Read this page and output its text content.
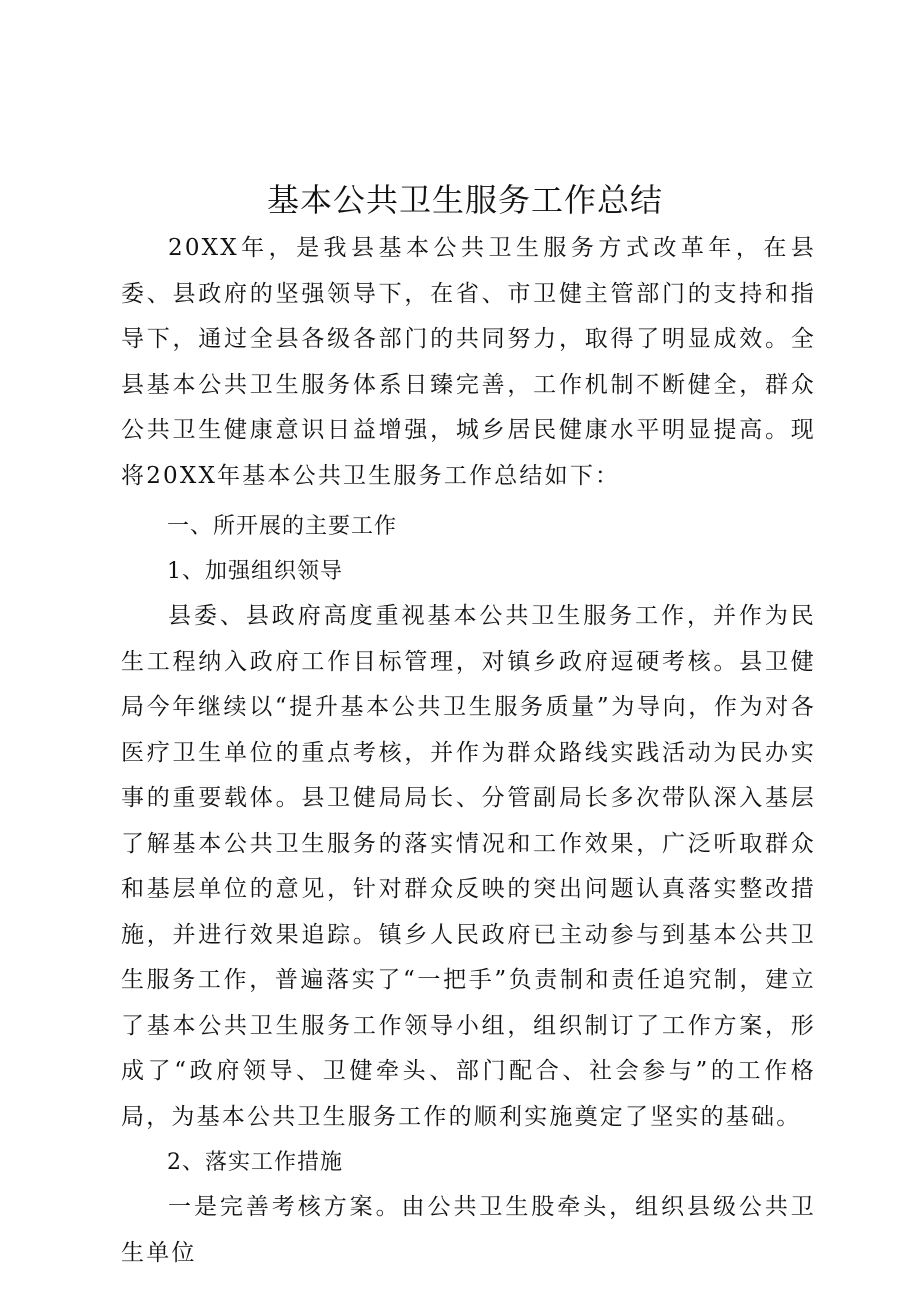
基本公共卫生服务工作总结

20XX年，是我县基本公共卫生服务方式改革年，在县委、县政府的坚强领导下，在省、市卫健主管部门的支持和指导下，通过全县各级各部门的共同努力，取得了明显成效。全县基本公共卫生服务体系日臻完善，工作机制不断健全，群众公共卫生健康意识日益增强，城乡居民健康水平明显提高。现将20XX年基本公共卫生服务工作总结如下：

一、所开展的主要工作

1、加强组织领导

县委、县政府高度重视基本公共卫生服务工作，并作为民生工程纳入政府工作目标管理，对镇乡政府逗硬考核。县卫健局今年继续以“提升基本公共卫生服务质量”为导向，作为对各医疗卫生单位的重点考核，并作为群众路线实践活动为民办实事的重要载体。县卫健局局长、分管副局长多次带队深入基层了解基本公共卫生服务的落实情况和工作效果，广泛听取群众和基层单位的意见，针对群众反映的突出问题认真落实整改措施，并进行效果追踪。镇乡人民政府已主动参与到基本公共卫生服务工作，普遍落实了“一把手”负责制和责任追究制，建立了基本公共卫生服务工作领导小组，组织制订了工作方案，形成了“政府领导、卫健牵头、部门配合、社会参与”的工作格局，为基本公共卫生服务工作的顺利实施奠定了坚实的基础。

2、落实工作措施

一是完善考核方案。由公共卫生股牵头，组织县级公共卫生单位
